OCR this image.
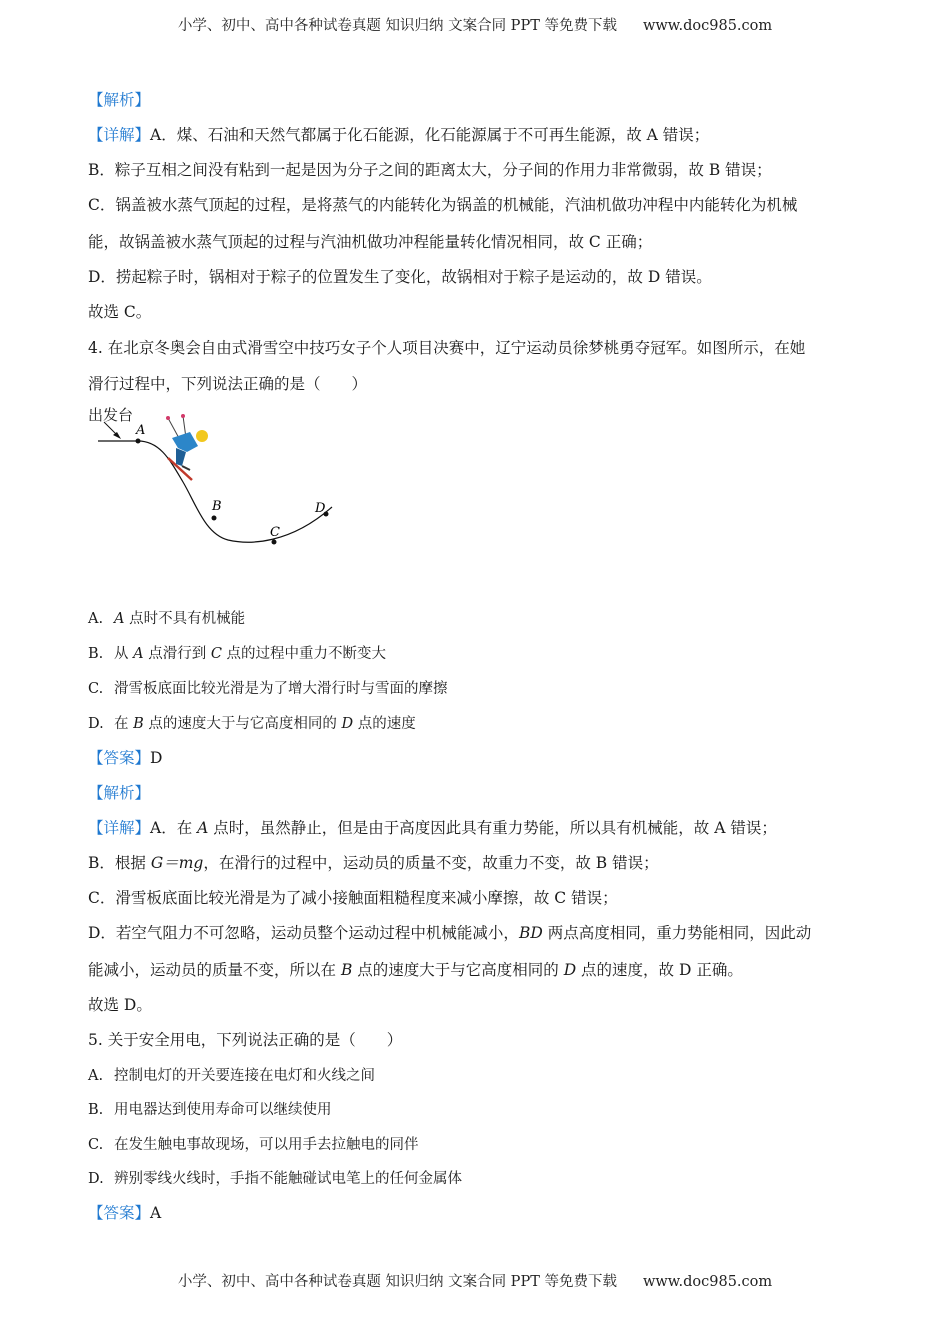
小学、初中、高中各种试卷真题 知识归纳 文案合同 PPT 等免费下载 www.doc985.com
【解析】
【详解】A．煤、石油和天然气都属于化石能源，化石能源属于不可再生能源，故 A 错误；
B．粽子互相之间没有粘到一起是因为分子之间的距离太大，分子间的作用力非常微弱，故 B 错误；
C．锅盖被水蒸气顶起的过程，是将蒸气的内能转化为锅盖的机械能，汽油机做功冲程中内能转化为机械
能，故锅盖被水蒸气顶起的过程与汽油机做功冲程能量转化情况相同，故 C 正确；
D．捞起粽子时，锅相对于粽子的位置发生了变化，故锅相对于粽子是运动的，故 D 错误。
故选 C。
4. 在北京冬奥会自由式滑雪空中技巧女子个人项目决赛中，辽宁运动员徐梦桃勇夺冠军。如图所示，在她
滑行过程中，下列说法正确的是（　　）
出发台
A
B
C
D
A. A 点时不具有机械能
B. 从 A 点滑行到 C 点的过程中重力不断变大
C. 滑雪板底面比较光滑是为了增大滑行时与雪面的摩擦
D. 在 B 点的速度大于与它高度相同的 D 点的速度
【答案】D
【解析】
【详解】A．在 A 点时，虽然静止，但是由于高度因此具有重力势能，所以具有机械能，故 A 错误；
B．根据 G＝mg，在滑行的过程中，运动员的质量不变，故重力不变，故 B 错误；
C．滑雪板底面比较光滑是为了减小接触面粗糙程度来减小摩擦，故 C 错误；
D．若空气阻力不可忽略，运动员整个运动过程中机械能减小，BD 两点高度相同，重力势能相同，因此动
能减小，运动员的质量不变，所以在 B 点的速度大于与它高度相同的 D 点的速度，故 D 正确。
故选 D。
5. 关于安全用电，下列说法正确的是（　　）
A. 控制电灯的开关要连接在电灯和火线之间
B. 用电器达到使用寿命可以继续使用
C. 在发生触电事故现场，可以用手去拉触电的同伴
D. 辨别零线火线时，手指不能触碰试电笔上的任何金属体
【答案】A
小学、初中、高中各种试卷真题 知识归纳 文案合同 PPT 等免费下载 www.doc985.com
